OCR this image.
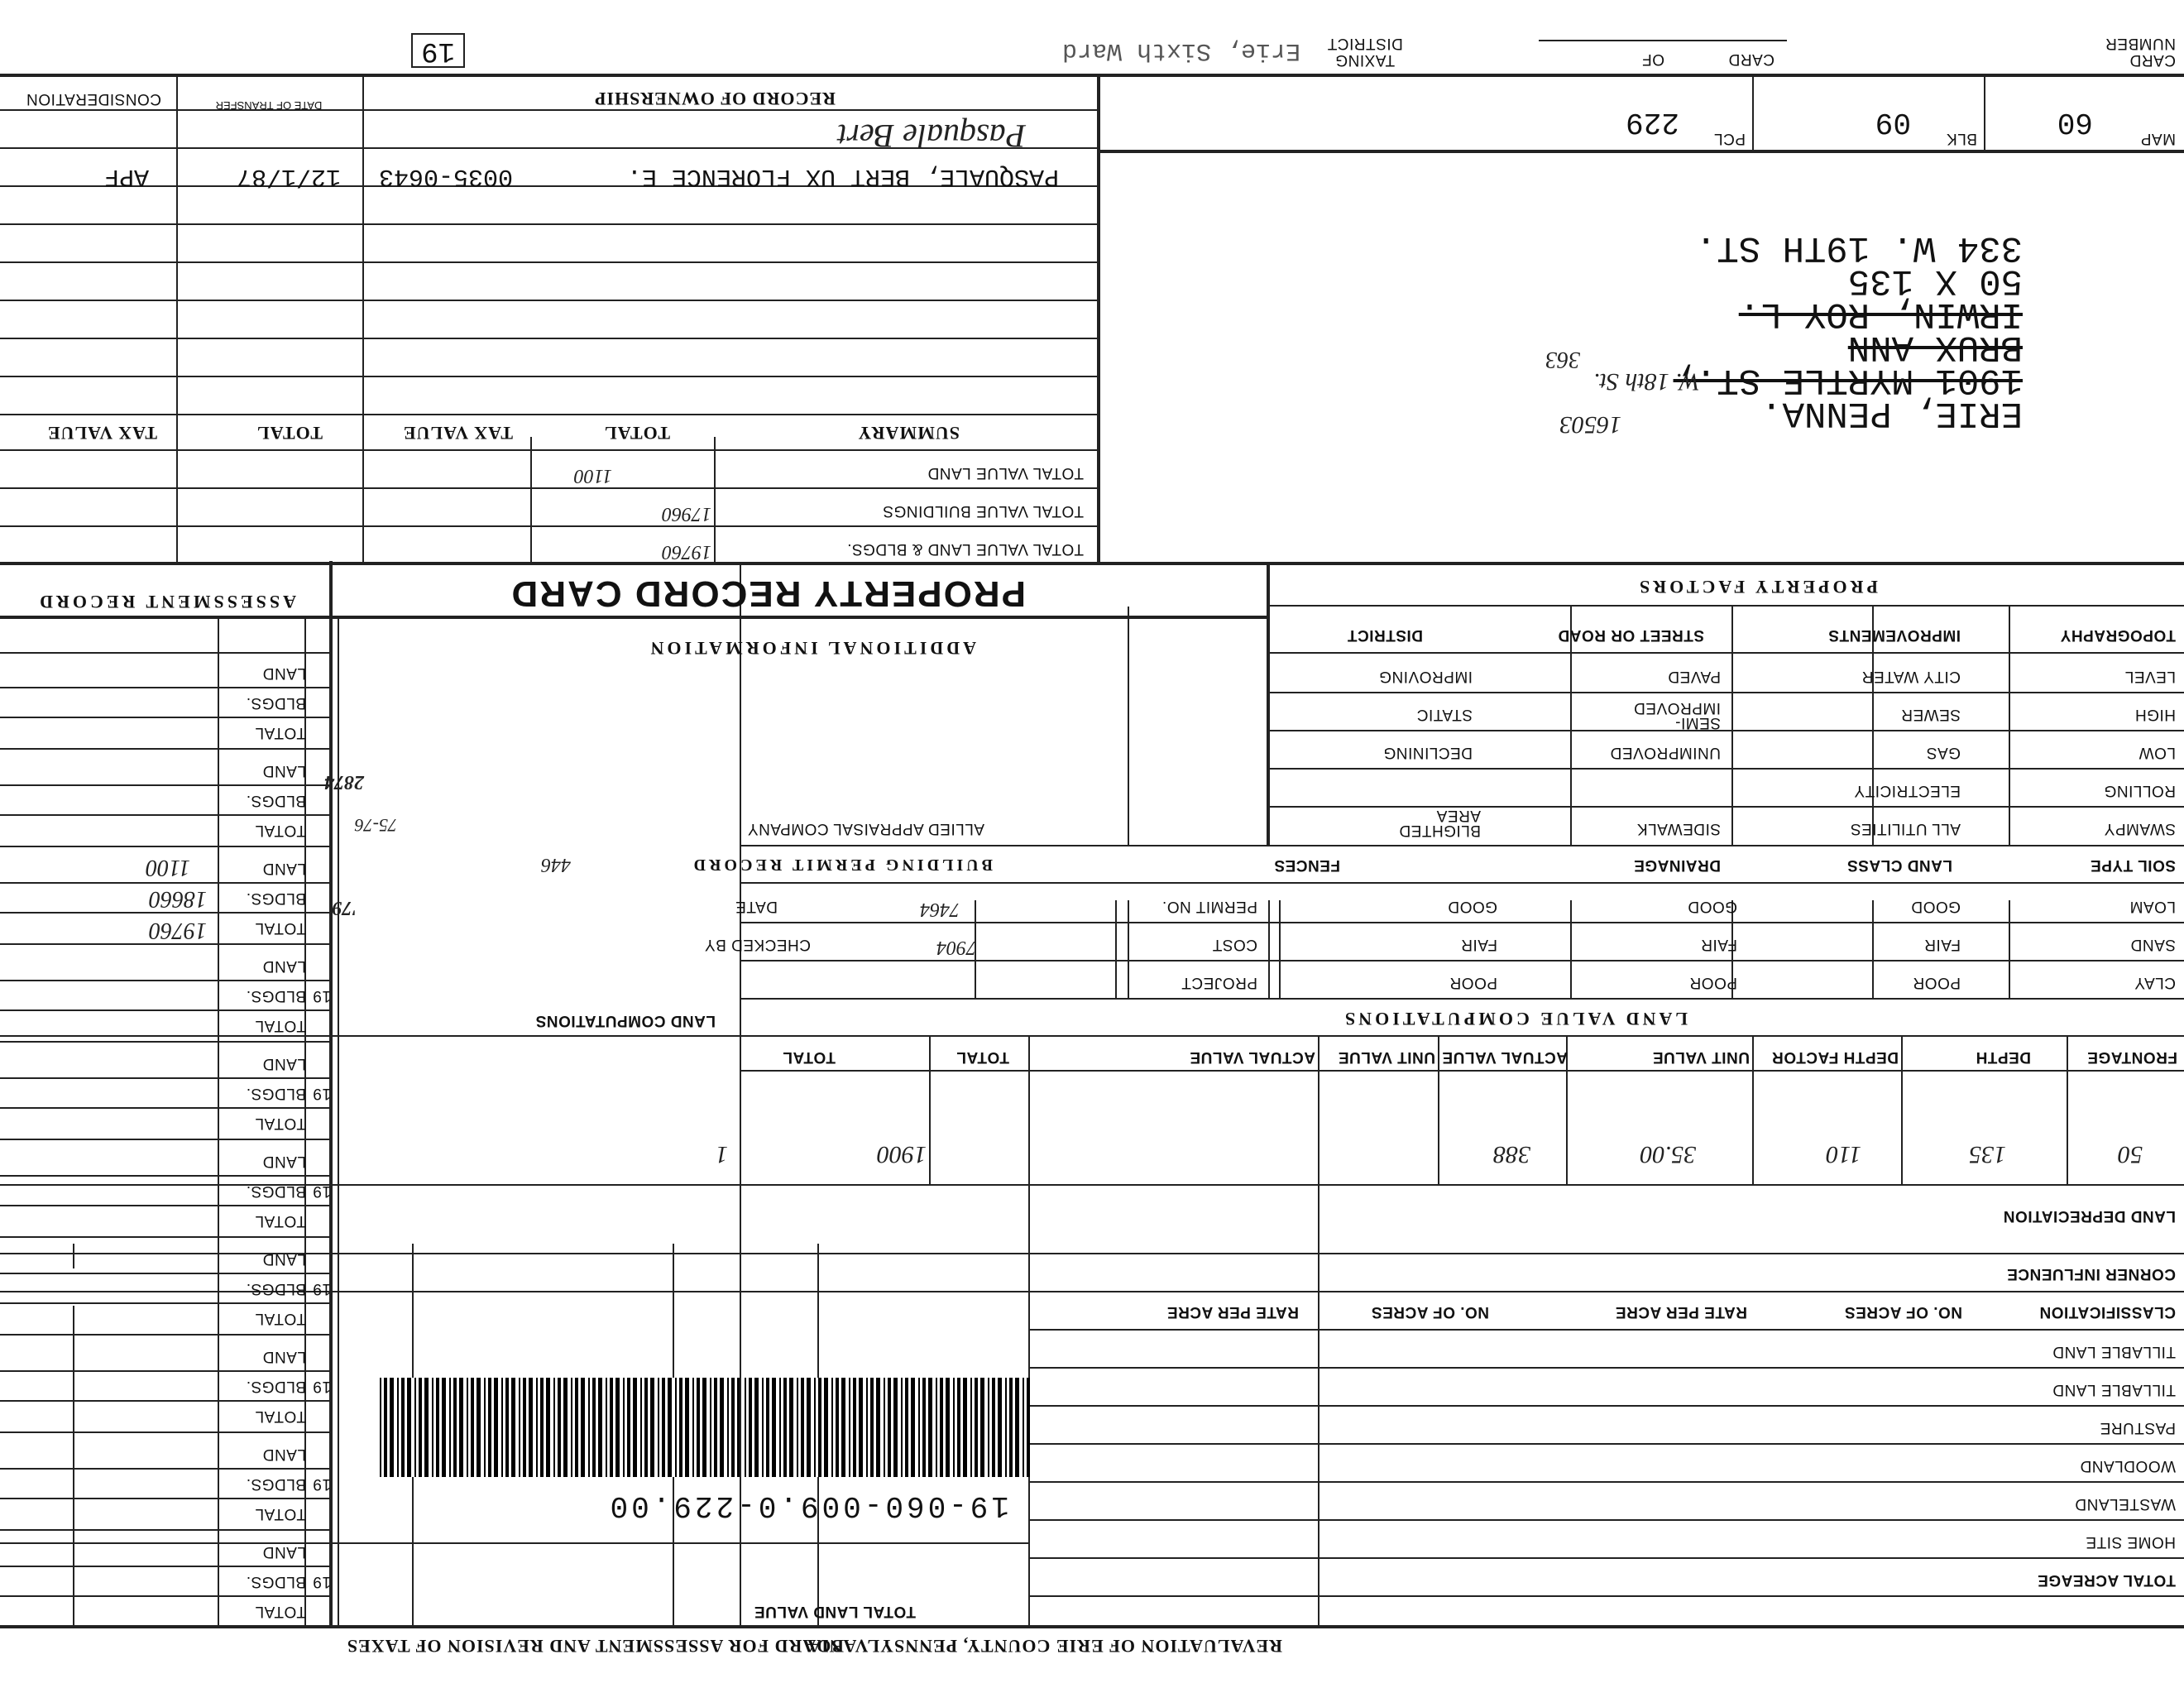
REVALUATION OF ERIE COUNTY, PENNSYLVANIA
BOARD FOR ASSESSMENT AND REVISION OF TAXES
TOTAL LAND VALUE
TOTAL ACREAGE
HOME SITE
WASTELAND
WOODLAND
PASTURE
TILLABLE LAND
TILLABLE LAND
CLASSIFICATION
NO. OF ACRES
RATE PER ACRE
NO. OF ACRES
RATE PER ACRE
19-060-009.0-229.00
CORNER INFLUENCE
LAND DEPRECIATION
50
135
110
35.00
388
1900
1
FRONTAGE
DEPTH
DEPTH FACTOR
UNIT VALUE
ACTUAL VALUE
UNIT VALUE
ACTUAL VALUE
TOTAL
TOTAL
LAND VALUE COMPUTATIONS
LAND COMPUTATIONS
TOTAL
BLDGS.
LAND
19
TOTAL
BLDGS.
LAND
19
TOTAL
BLDGS.
LAND
19
TOTAL
BLDGS.
LAND
19
TOTAL
BLDGS.
LAND
19
TOTAL
BLDGS.
LAND
19
TOTAL
BLDGS.
LAND
19
TOTAL
BLDGS.
LAND
19760
18660
1100
'79
TOTAL
BLDGS.
LAND
2874
75-76
TOTAL
BLDGS.
LAND
ASSESSMENT RECORD
CLAY
POOR
POOR
POOR
PROJECT
SAND
FAIR
FAIR
FAIR
COST
CHECKED BY	7904
LOAM
GOOD
GOOD
GOOD
PERMIT NO.
DATE	7464
SOIL TYPE
LAND CLASS
DRAINAGE
FENCES
BUILDING PERMIT RECORD
446
SWAMPY
ALL UTILITIES
SIDEWALK
BLIGHTED AREA
ALLIED APPRAISAL COMPANY
ROLLING
ELECTRICITY
LOW
GAS
UNIMPROVED
DECLINING
HIGH
SEWER
SEMI-IMPROVED
STATIC
LEVEL
CITY WATER
PAVED
IMPROVING
ADDITIONAL INFORMATION
TOPOGRAPHY
IMPROVEMENTS
STREET OR ROAD
DISTRICT
PROPERTY FACTORS
PROPERTY RECORD CARD
ERIE, PENNA.
1901 MYRTLE ST.,
BRUX ANN
IRWIN, ROY L.
50 X 135
334 W. 19TH ST.
363
W. 18th St.
16503
MAP
60
BLK
09
PCL
229
TOTAL VALUE LAND & BLDGS.
19760
TOTAL VALUE BUILDINGS
17960
TOTAL VALUE LAND
1100
SUMMARY
TOTAL
TAX VALUE
TOTAL
TAX VALUE
PASQUALE, BERT UX FLORENCE E.
0035-0643
12/1/87
APF
Pasquale Bert
RECORD OF OWNERSHIP
DATE OF TRANSFER
CONSIDERATION
CARD NUMBER
CARD
OF
TAXING DISTRICT
Erie, Sixth Ward
19
